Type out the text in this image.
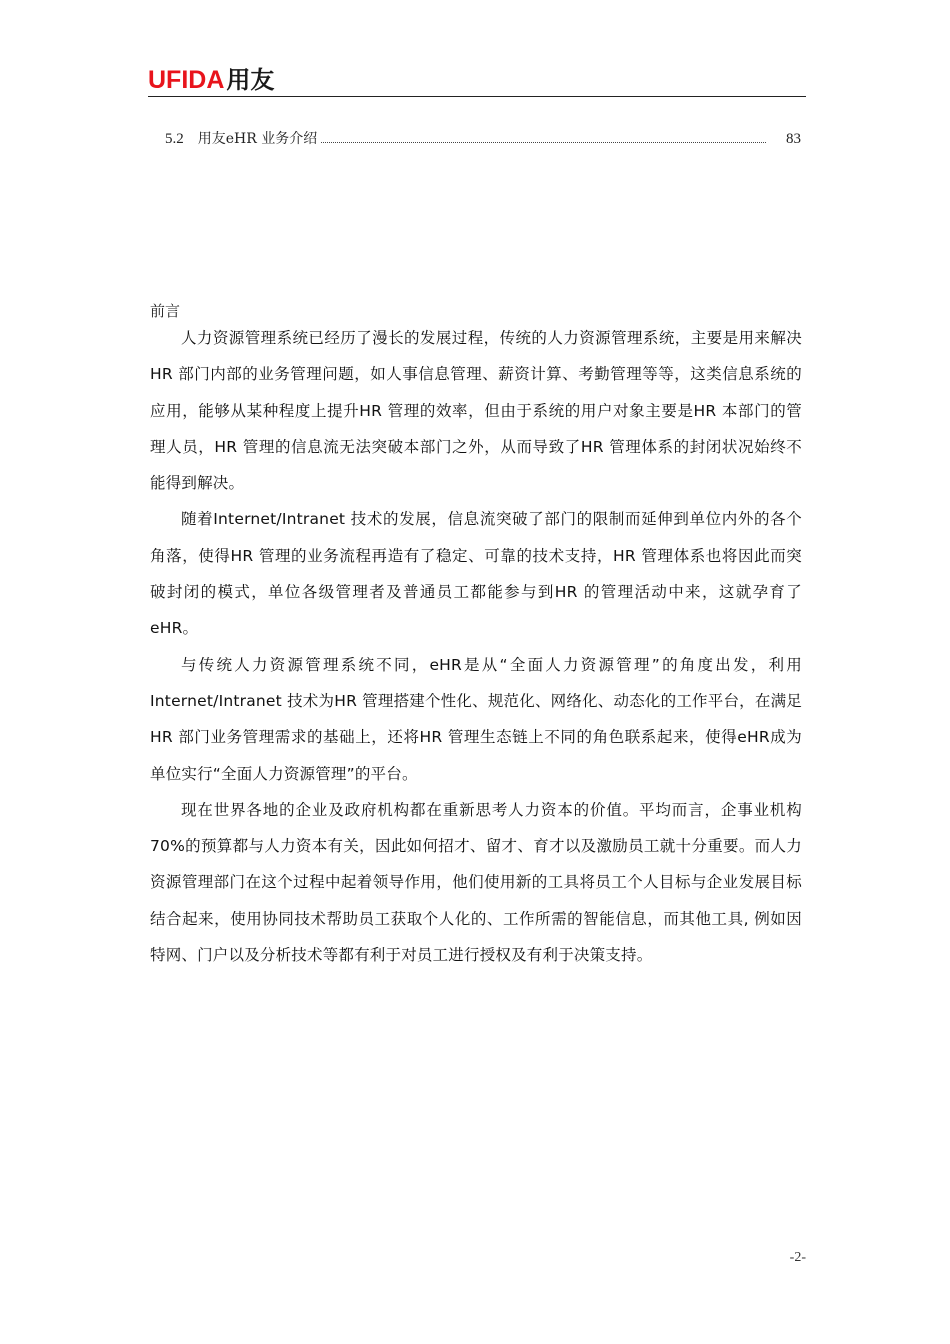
UFIDA用友
5.2 用友eHR 业务介绍	83
前言

人力资源管理系统已经历了漫长的发展过程，传统的人力资源管理系统，主要是用来解决HR 部门内部的业务管理问题，如人事信息管理、薪资计算、考勤管理等等，这类信息系统的应用，能够从某种程度上提升HR 管理的效率，但由于系统的用户对象主要是HR 本部门的管理人员，HR 管理的信息流无法突破本部门之外，从而导致了HR 管理体系的封闭状况始终不能得到解决。

随着Internet/Intranet 技术的发展，信息流突破了部门的限制而延伸到单位内外的各个角落，使得HR 管理的业务流程再造有了稳定、可靠的技术支持，HR 管理体系也将因此而突破封闭的模式，单位各级管理者及普通员工都能参与到HR 的管理活动中来，这就孕育了eHR。

与传统人力资源管理系统不同，eHR是从“全面人力资源管理”的角度出发，利用Internet/Intranet 技术为HR 管理搭建个性化、规范化、网络化、动态化的工作平台，在满足HR 部门业务管理需求的基础上，还将HR 管理生态链上不同的角色联系起来，使得eHR成为单位实行“全面人力资源管理”的平台。

现在世界各地的企业及政府机构都在重新思考人力资本的价值。平均而言，企事业机构70%的预算都与人力资本有关，因此如何招才、留才、育才以及激励员工就十分重要。而人力资源管理部门在这个过程中起着领导作用，他们使用新的工具将员工个人目标与企业发展目标结合起来，使用协同技术帮助员工获取个人化的、工作所需的智能信息，而其他工具, 例如因特网、门户以及分析技术等都有利于对员工进行授权及有利于决策支持。

-2-
